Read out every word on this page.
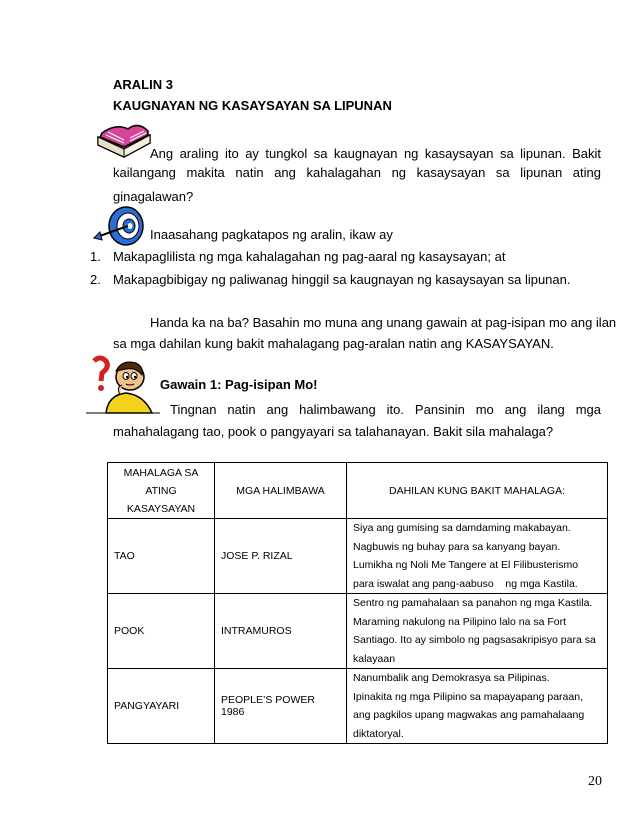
ARALIN 3
KAUGNAYAN NG KASAYSAYAN SA LIPUNAN
Ang araling ito ay tungkol sa kaugnayan ng kasaysayan sa lipunan. Bakit
kailangang makita natin ang kahalagahan ng kasaysayan sa lipunan ating
ginagalawan?
Inaasahang pagkatapos ng aralin, ikaw ay
1. Makapaglilista ng mga kahalagahan ng pag-aaral ng kasaysayan; at
2. Makapagbibigay ng paliwanag hinggil sa kaugnayan ng kasaysayan sa lipunan.
Handa ka na ba? Basahin mo muna ang unang gawain at pag-isipan mo ang ilan
sa mga dahilan kung bakit mahalagang pag-aralan natin ang KASAYSAYAN.
Gawain 1: Pag-isipan Mo!
Tingnan natin ang halimbawang ito. Pansinin mo ang ilang mga
mahahalagang tao, pook o pangyayari sa talahanayan. Bakit sila mahalaga?
MAHALAGA SA
ATING
KASAYSAYAN	MGA HALIMBAWA	DAHILAN KUNG BAKIT MAHALAGA:
TAO	JOSE P. RIZAL	Siya ang gumising sa damdaming makabayan.
Nagbuwis ng buhay para sa kanyang bayan.
Lumikha ng Noli Me Tangere at El Filibusterismo
para iswalat ang pang-aabuso    ng mga Kastila.

POOK	INTRAMUROS	Sentro ng pamahalaan sa panahon ng mga Kastila.
Maraming nakulong na Pilipino lalo na sa Fort
Santiago. Ito ay simbolo ng pagsasakripisyo para sa
kalayaan

PANGYAYARI	PEOPLE’S POWER 1986	Nanumbalik ang Demokrasya sa Pilipinas.
Ipinakita ng mga Pilipino sa mapayapang paraan,
ang pagkilos upang magwakas ang pamahalaang
diktatoryal.
20
